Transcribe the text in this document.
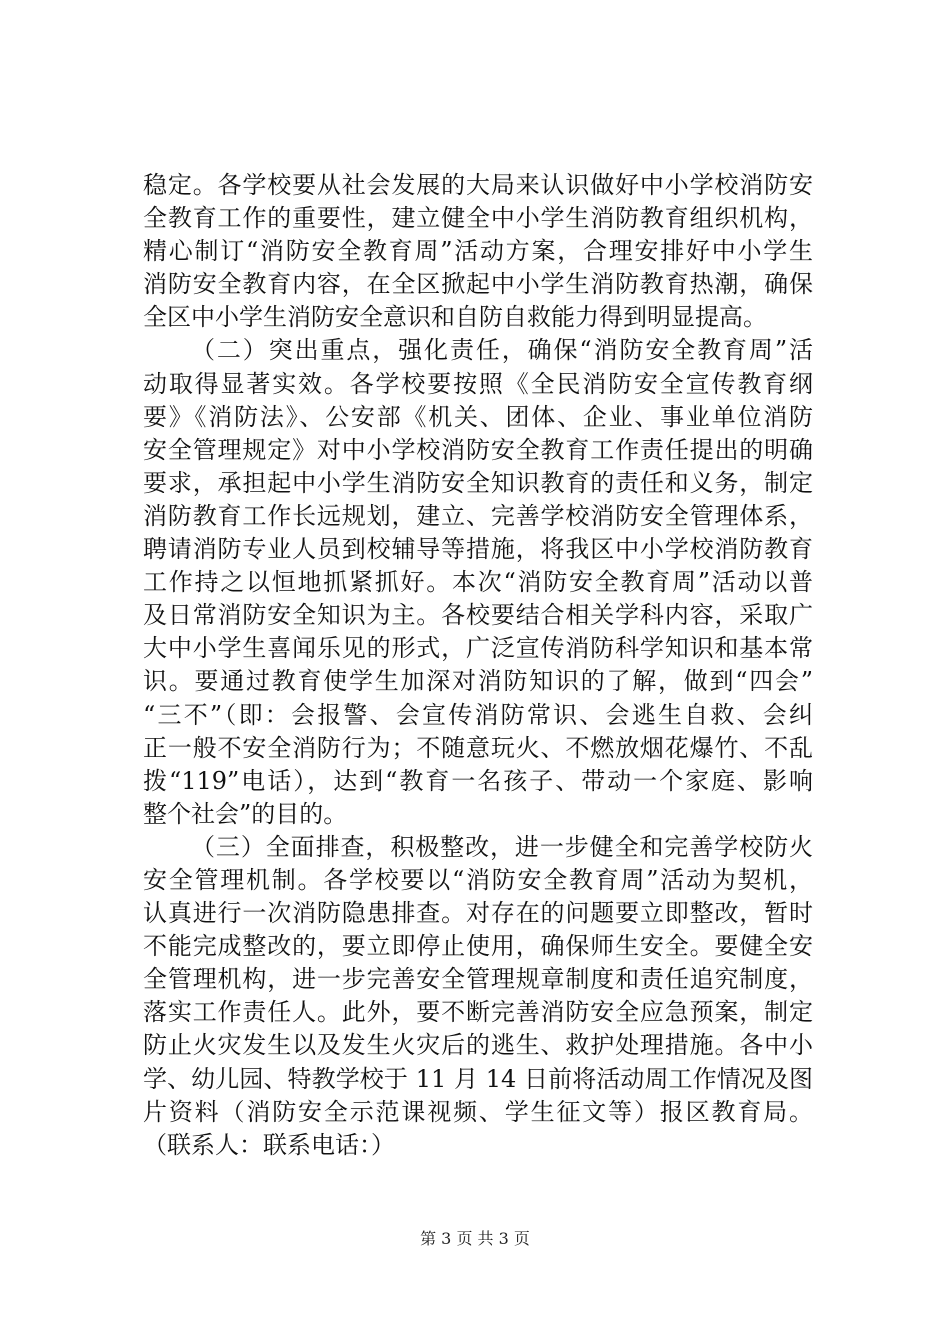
稳定。各学校要从社会发展的大局来认识做好中小学校消防安
全教育工作的重要性，建立健全中小学生消防教育组织机构，
精心制订“消防安全教育周”活动方案，合理安排好中小学生
消防安全教育内容，在全区掀起中小学生消防教育热潮，确保
全区中小学生消防安全意识和自防自救能力得到明显提高。
（二）突出重点，强化责任，确保“消防安全教育周”活
动取得显著实效。各学校要按照《全民消防安全宣传教育纲
要》《消防法》、公安部《机关、团体、企业、事业单位消防
安全管理规定》对中小学校消防安全教育工作责任提出的明确
要求，承担起中小学生消防安全知识教育的责任和义务，制定
消防教育工作长远规划，建立、完善学校消防安全管理体系，
聘请消防专业人员到校辅导等措施，将我区中小学校消防教育
工作持之以恒地抓紧抓好。本次“消防安全教育周”活动以普
及日常消防安全知识为主。各校要结合相关学科内容，采取广
大中小学生喜闻乐见的形式，广泛宣传消防科学知识和基本常
识。要通过教育使学生加深对消防知识的了解，做到“四会”
“三不”（即：会报警、会宣传消防常识、会逃生自救、会纠
正一般不安全消防行为；不随意玩火、不燃放烟花爆竹、不乱
拨“119”电话），达到“教育一名孩子、带动一个家庭、影响
整个社会”的目的。
（三）全面排查，积极整改，进一步健全和完善学校防火
安全管理机制。各学校要以“消防安全教育周”活动为契机，
认真进行一次消防隐患排查。对存在的问题要立即整改，暂时
不能完成整改的，要立即停止使用，确保师生安全。要健全安
全管理机构，进一步完善安全管理规章制度和责任追究制度，
落实工作责任人。此外，要不断完善消防安全应急预案，制定
防止火灾发生以及发生火灾后的逃生、救护处理措施。各中小
学、幼儿园、特教学校于 11 月 14 日前将活动周工作情况及图
片资料（消防安全示范课视频、学生征文等）报区教育局。
（联系人：联系电话：）
第 3 页 共 3 页
